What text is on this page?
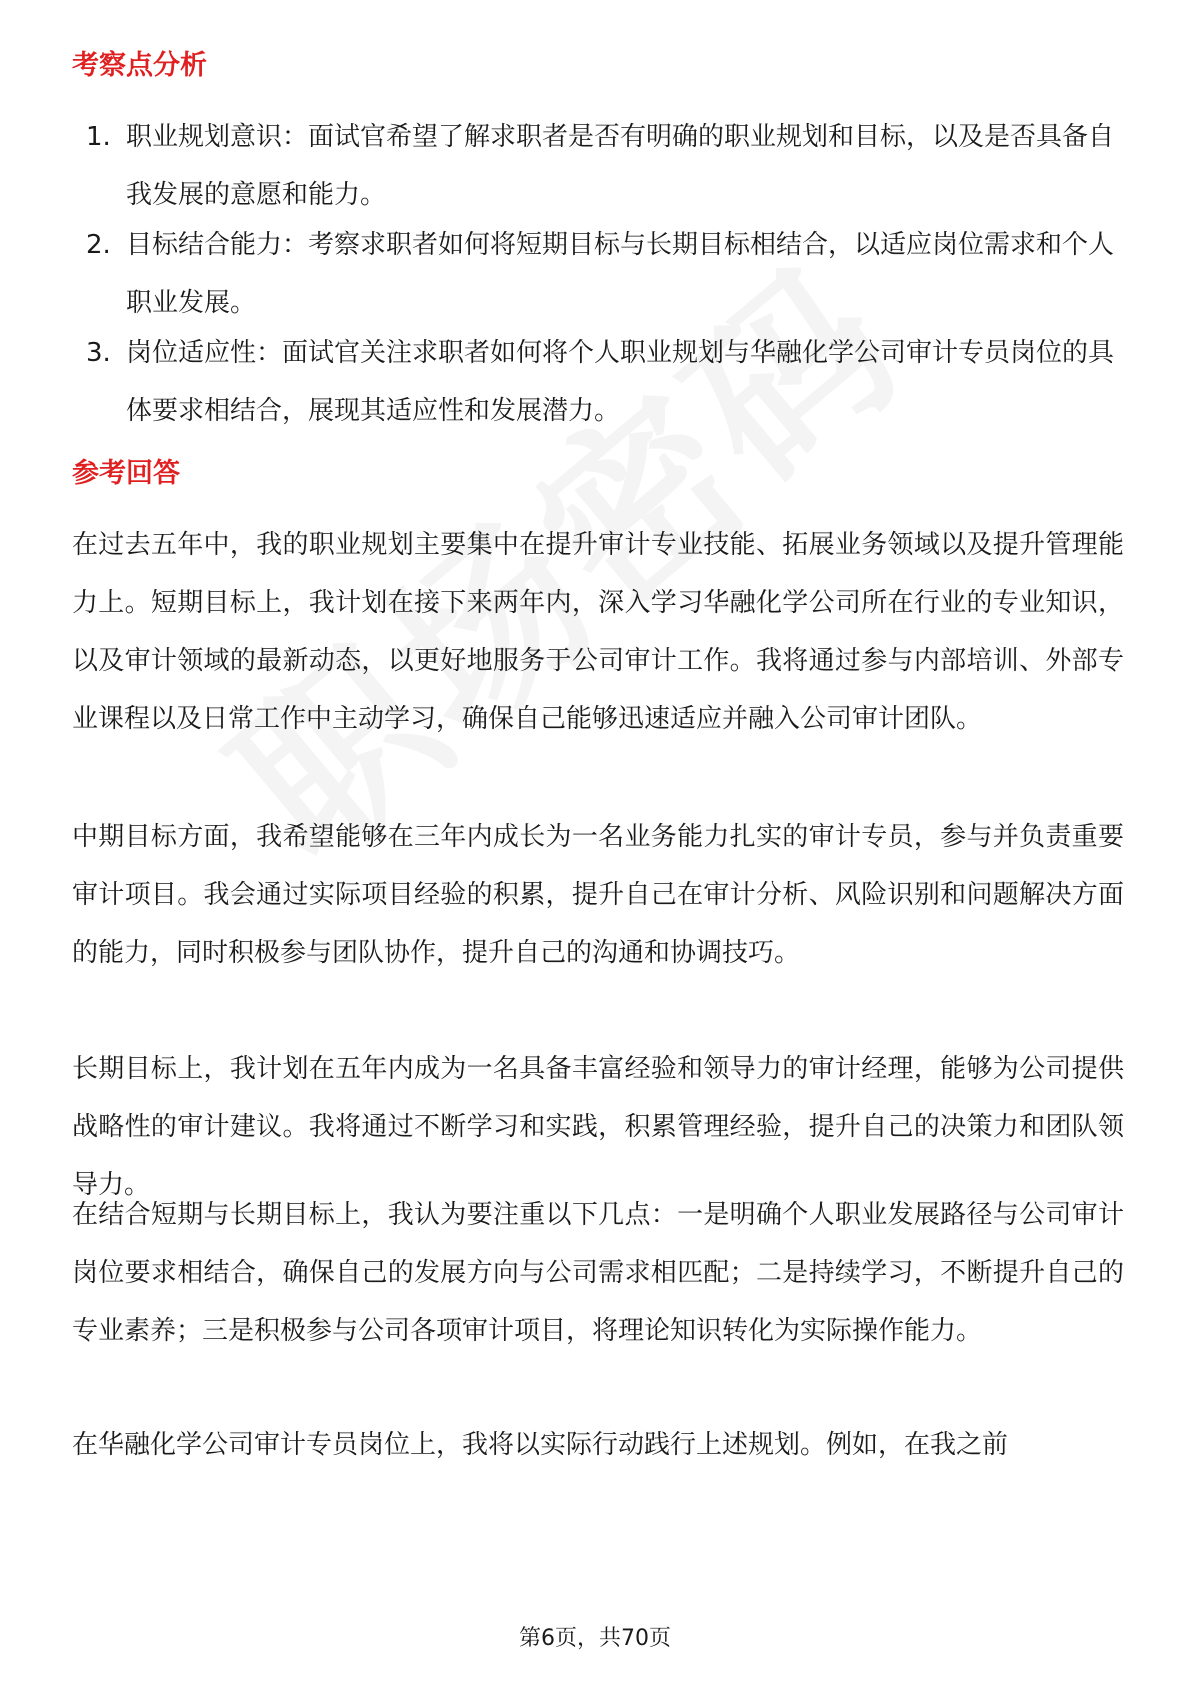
考察点分析
1. 职业规划意识：面试官希望了解求职者是否有明确的职业规划和目标，以及是否具备自我发展的意愿和能力。
2. 目标结合能力：考察求职者如何将短期目标与长期目标相结合，以适应岗位需求和个人职业发展。
3. 岗位适应性：面试官关注求职者如何将个人职业规划与华融化学公司审计专员岗位的具体要求相结合，展现其适应性和发展潜力。
参考回答

在过去五年中，我的职业规划主要集中在提升审计专业技能、拓展业务领域以及提升管理能力上。短期目标上，我计划在接下来两年内，深入学习华融化学公司所在行业的专业知识，以及审计领域的最新动态，以更好地服务于公司审计工作。我将通过参与内部培训、外部专业课程以及日常工作中主动学习，确保自己能够迅速适应并融入公司审计团队。

中期目标方面，我希望能够在三年内成长为一名业务能力扎实的审计专员，参与并负责重要审计项目。我会通过实际项目经验的积累，提升自己在审计分析、风险识别和问题解决方面的能力，同时积极参与团队协作，提升自己的沟通和协调技巧。

长期目标上，我计划在五年内成为一名具备丰富经验和领导力的审计经理，能够为公司提供战略性的审计建议。我将通过不断学习和实践，积累管理经验，提升自己的决策力和团队领导力。

在结合短期与长期目标上，我认为要注重以下几点：一是明确个人职业发展路径与公司审计岗位要求相结合，确保自己的发展方向与公司需求相匹配；二是持续学习，不断提升自己的专业素养；三是积极参与公司各项审计项目，将理论知识转化为实际操作能力。

在华融化学公司审计专员岗位上，我将以实际行动践行上述规划。例如，在我之前

第6页，共70页
